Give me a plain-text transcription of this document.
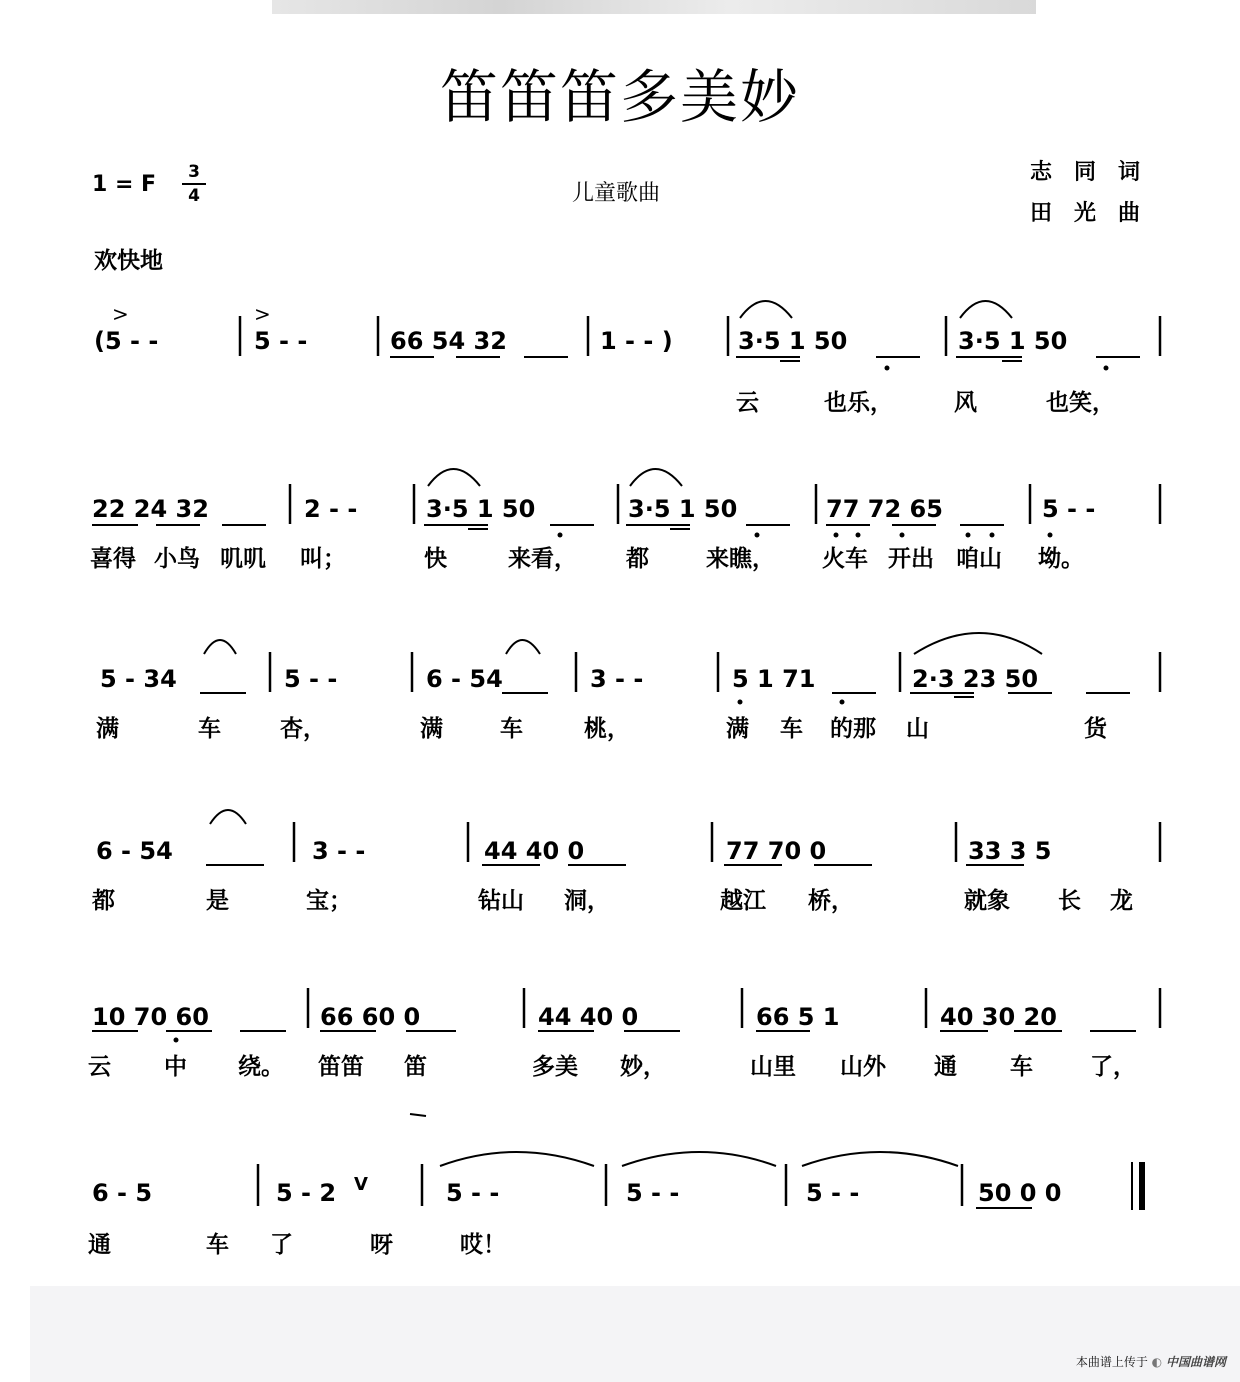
笛笛笛多美妙
1 = F	3
4	儿童歌曲
志同词
田光曲
欢快地
(5 - -
>
5 - -
>
66 54 32	1 - - )	3·5 1 50	3·5 1 50
云	也乐，	风	也笑，
22 24 32	2 - -	3·5 1 50	3·5 1 50	77 72 65	5 - -
喜得 小鸟 叽叽 叫；	快	来看， 都 来瞧， 火车 开出 咱山 坳。
5 - 34	5 - -	6 - 54	3 - -	5 1 71	2·3 23 50
满	车	杏，	满 车	桃，	满 车 的那 山	货
6 - 54	3 - -	44 40 0	77 70 0	33 3 5
都	是	宝；	钻山 洞，	越江 桥，	就象 长 龙
10 70 60	66 60 0	44 40 0	66 5 1	40 30 20
云 中 绕。 笛笛 笛	多美 妙，	山里 山外 通 车 了，
6 - 5	5 - 2 V	5 - -	5 - -	5 - -	50 0 0
通	车 了	呀	哎！
本曲谱上传于 ◐ 中国曲谱网
